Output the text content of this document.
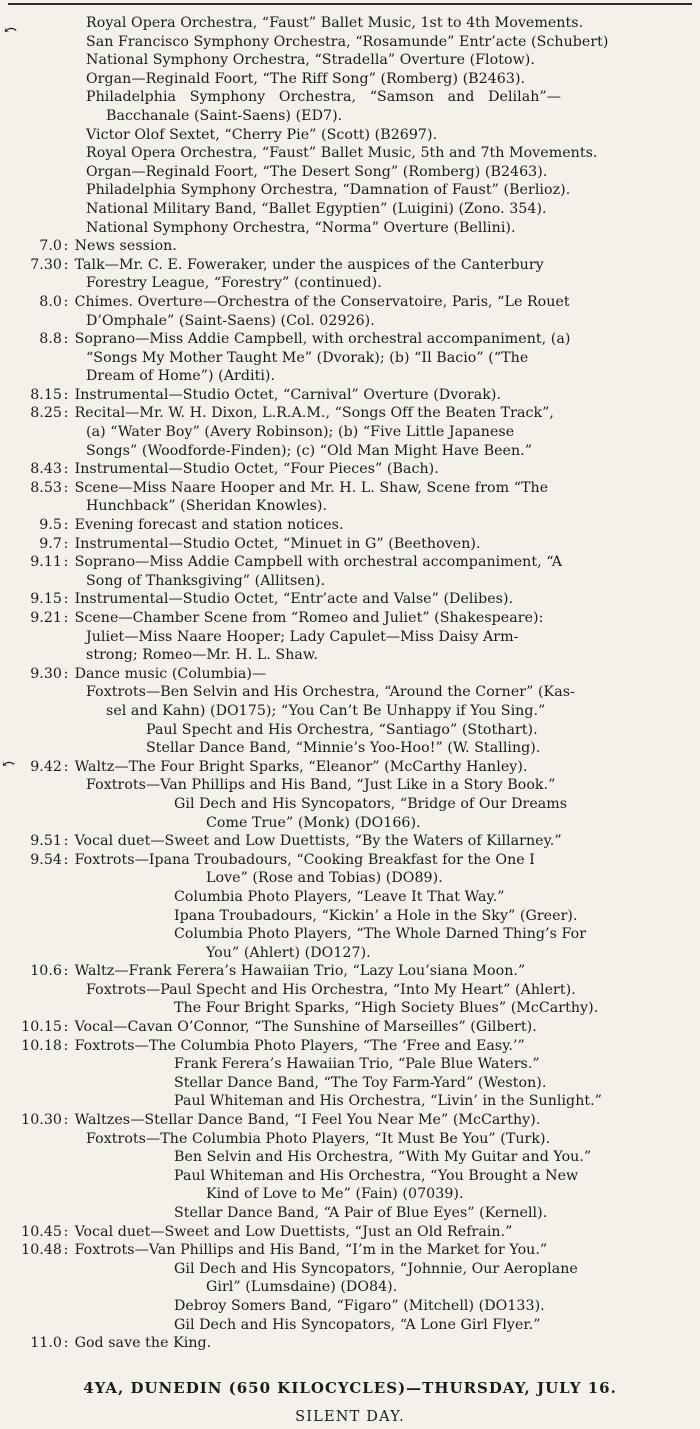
⤺
⤺
Royal Opera Orchestra, “Faust” Ballet Music, 1st to 4th Movements.
San Francisco Symphony Orchestra, “Rosamunde” Entr’acte (Schubert)
National Symphony Orchestra, “Stradella” Overture (Flotow).
Organ—Reginald Foort, “The Riff Song” (Romberg) (B2463).
Philadelphia   Symphony   Orchestra,   “Samson   and   Delilah”—
Bacchanale (Saint-Saens) (ED7).
Victor Olof Sextet, “Cherry Pie” (Scott) (B2697).
Royal Opera Orchestra, “Faust” Ballet Music, 5th and 7th Movements.
Organ—Reginald Foort, “The Desert Song” (Romberg) (B2463).
Philadelphia Symphony Orchestra, “Damnation of Faust” (Berlioz).
National Military Band, “Ballet Egyptien” (Luigini) (Zono. 354).
National Symphony Orchestra, “Norma” Overture (Bellini).
7.0 : News session.
7.30 : Talk—Mr. C. E. Foweraker, under the auspices of the Canterbury
Forestry League, “Forestry” (continued).
8.0 : Chimes. Overture—Orchestra of the Conservatoire, Paris, “Le Rouet
D’Omphale” (Saint-Saens) (Col. 02926).
8.8 : Soprano—Miss Addie Campbell, with orchestral accompaniment, (a)
“Songs My Mother Taught Me” (Dvorak); (b) “Il Bacio” (“The
Dream of Home”) (Arditi).
8.15 : Instrumental—Studio Octet, “Carnival” Overture (Dvorak).
8.25 : Recital—Mr. W. H. Dixon, L.R.A.M., “Songs Off the Beaten Track”,
(a) “Water Boy” (Avery Robinson); (b) “Five Little Japanese
Songs” (Woodforde-Finden); (c) “Old Man Might Have Been.”
8.43 : Instrumental—Studio Octet, “Four Pieces” (Bach).
8.53 : Scene—Miss Naare Hooper and Mr. H. L. Shaw, Scene from “The
Hunchback” (Sheridan Knowles).
9.5 : Evening forecast and station notices.
9.7 : Instrumental—Studio Octet, “Minuet in G” (Beethoven).
9.11 : Soprano—Miss Addie Campbell with orchestral accompaniment, “A
Song of Thanksgiving” (Allitsen).
9.15 : Instrumental—Studio Octet, “Entr’acte and Valse” (Delibes).
9.21 : Scene—Chamber Scene from “Romeo and Juliet” (Shakespeare):
Juliet—Miss Naare Hooper; Lady Capulet—Miss Daisy Arm-
strong; Romeo—Mr. H. L. Shaw.
9.30 : Dance music (Columbia)—
Foxtrots—Ben Selvin and His Orchestra, “Around the Corner” (Kas-
sel and Kahn) (DO175); “You Can’t Be Unhappy if You Sing.”
Paul Specht and His Orchestra, “Santiago” (Stothart).
Stellar Dance Band, “Minnie’s Yoo-Hoo!” (W. Stalling).
9.42 : Waltz—The Four Bright Sparks, “Eleanor” (McCarthy Hanley).
Foxtrots—Van Phillips and His Band, “Just Like in a Story Book.”
Gil Dech and His Syncopators, “Bridge of Our Dreams
Come True” (Monk) (DO166).
9.51 : Vocal duet—Sweet and Low Duettists, “By the Waters of Killarney.”
9.54 : Foxtrots—Ipana Troubadours, “Cooking Breakfast for the One I
Love” (Rose and Tobias) (DO89).
Columbia Photo Players, “Leave It That Way.”
Ipana Troubadours, “Kickin’ a Hole in the Sky” (Greer).
Columbia Photo Players, “The Whole Darned Thing’s For
You” (Ahlert) (DO127).
10.6 : Waltz—Frank Ferera’s Hawaiian Trio, “Lazy Lou’siana Moon.”
Foxtrots—Paul Specht and His Orchestra, “Into My Heart” (Ahlert).
The Four Bright Sparks, “High Society Blues” (McCarthy).
10.15 : Vocal—Cavan O’Connor, “The Sunshine of Marseilles” (Gilbert).
10.18 : Foxtrots—The Columbia Photo Players, “The ‘Free and Easy.’”
Frank Ferera’s Hawaiian Trio, “Pale Blue Waters.”
Stellar Dance Band, “The Toy Farm-Yard” (Weston).
Paul Whiteman and His Orchestra, “Livin’ in the Sunlight.”
10.30 : Waltzes—Stellar Dance Band, “I Feel You Near Me” (McCarthy).
Foxtrots—The Columbia Photo Players, “It Must Be You” (Turk).
Ben Selvin and His Orchestra, “With My Guitar and You.”
Paul Whiteman and His Orchestra, “You Brought a New
Kind of Love to Me” (Fain) (07039).
Stellar Dance Band, “A Pair of Blue Eyes” (Kernell).
10.45 : Vocal duet—Sweet and Low Duettists, “Just an Old Refrain.”
10.48 : Foxtrots—Van Phillips and His Band, “I’m in the Market for You.”
Gil Dech and His Syncopators, “Johnnie, Our Aeroplane
Girl” (Lumsdaine) (DO84).
Debroy Somers Band, “Figaro” (Mitchell) (DO133).
Gil Dech and His Syncopators, “A Lone Girl Flyer.”
11.0 : God save the King.
4YA, DUNEDIN (650 KILOCYCLES)—THURSDAY, JULY 16.
SILENT DAY.
